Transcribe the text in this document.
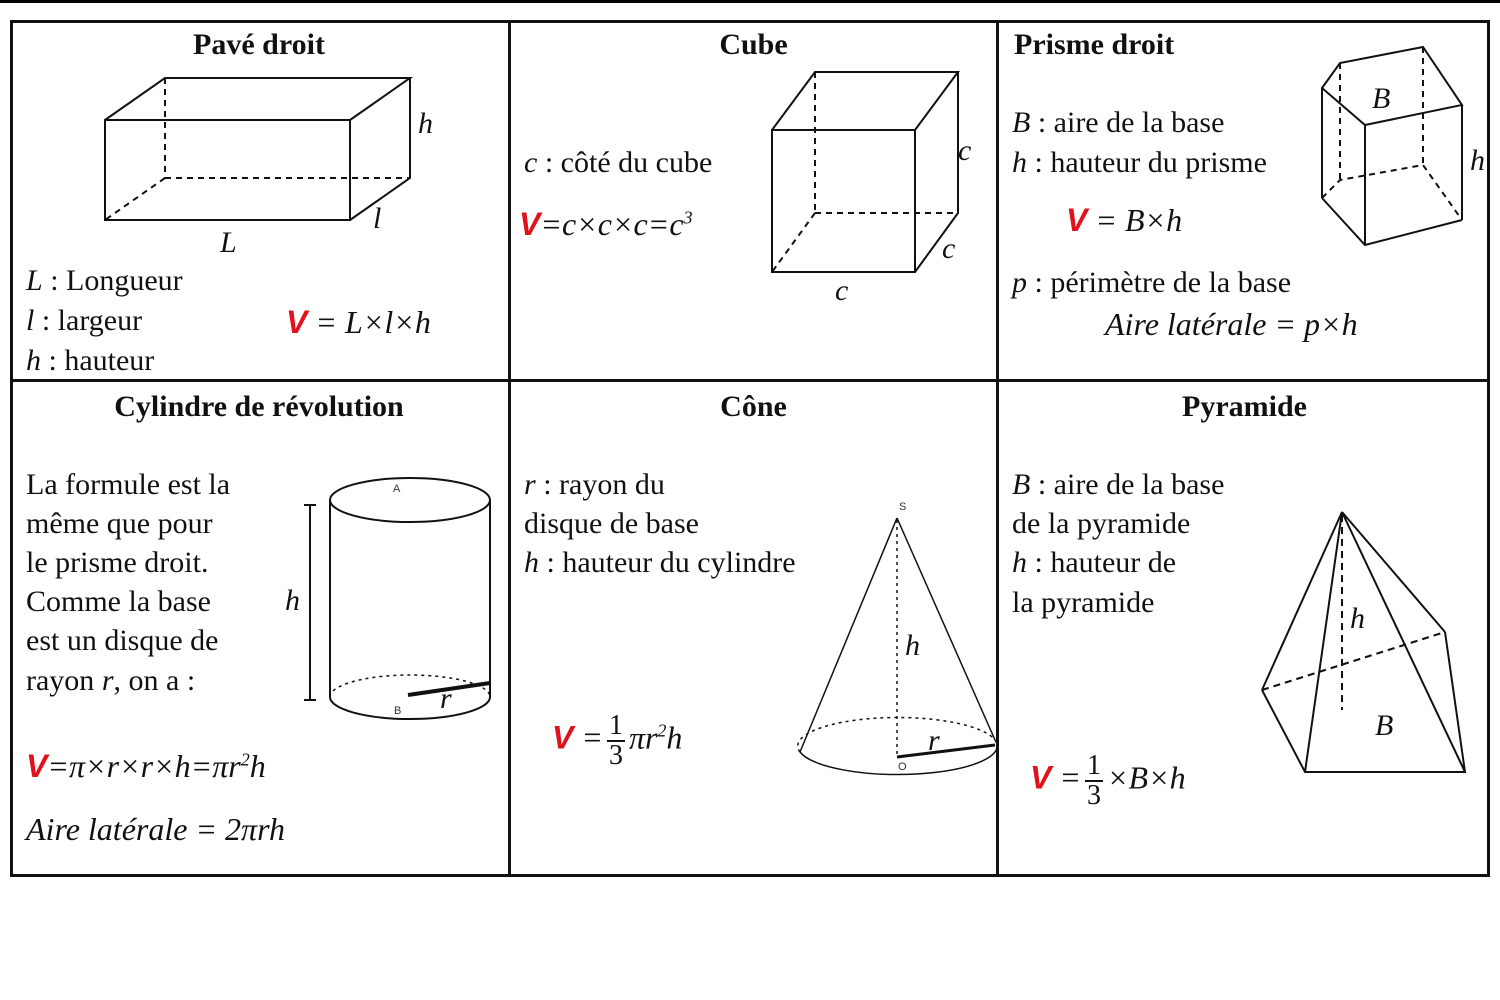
Pavé droit
h
l
L
L : Longueur
l : largeur
h : hauteur
V = L×l×h
Cube
c
c
c
c : côté du cube
$V=c\times c\times c=c^3$
Prisme droit
B
h
B : aire de la base
h : hauteur du prisme
V = B×h
p : périmètre de la base
Aire latérale = p×h
Cylindre de révolution
La formule est la
même que pour
le prisme droit.
Comme la base
est un disque de
rayon r, on a :
h
r
A
B
$V=\pi\times r\times r\times h=\pi r^2h$
Aire latérale = 2πrh
Cône
r : rayon du
disque de base
h : hauteur du cylindre
S
h
r
O
$V = \frac{1}{3} \pi r^2h$
Pyramide
B : aire de la base
de la pyramide
h : hauteur de
la pyramide	h
B
$V = \frac{1}{3} \times B\times h$
